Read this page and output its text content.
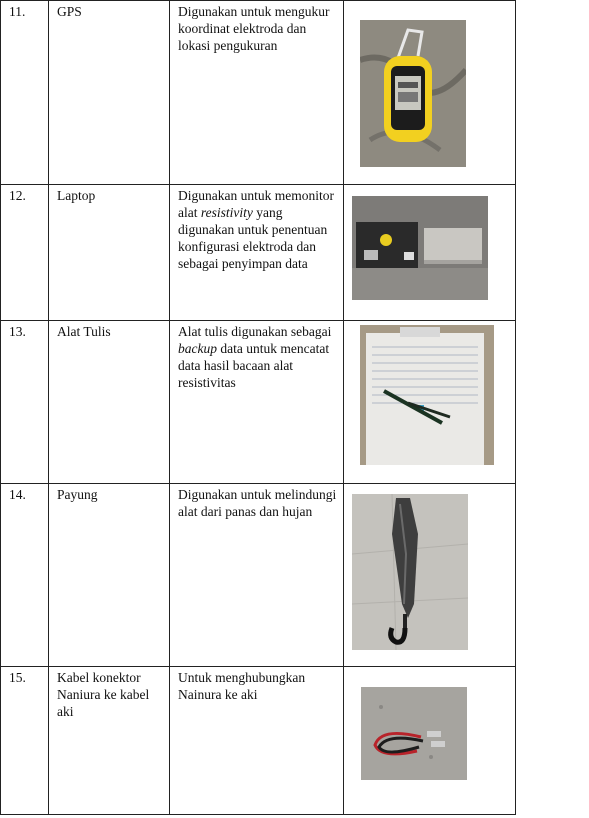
11.	GPS	Digunakan untuk mengukur koordinat elektroda dan lokasi pengukuran	

12.	Laptop	Digunakan untuk memonitor alat resistivity yang digunakan untuk penentuan konfigurasi elektroda dan sebagai penyimpan data	

13.	Alat Tulis	Alat tulis digunakan sebagai backup data untuk mencatat data hasil bacaan alat resistivitas	

14.	Payung	Digunakan untuk melindungi alat dari panas dan hujan	

15.	Kabel konektor Naniura ke kabel aki	Untuk menghubungkan Nainura ke aki	
